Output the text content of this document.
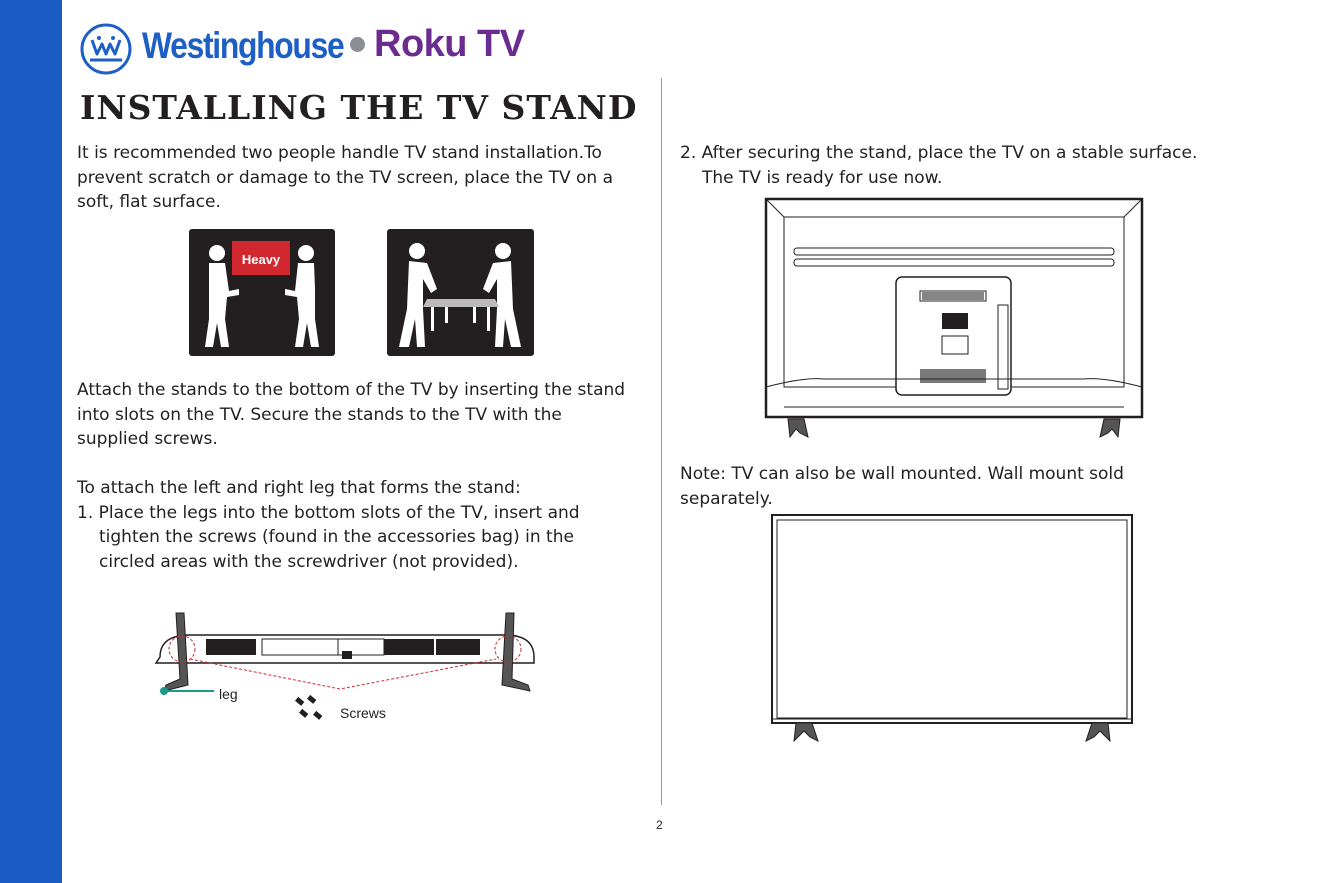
Westinghouse Roku TV
INSTALLING THE TV STAND

It is recommended two people handle TV stand installation.To prevent scratch or damage to the TV screen, place the TV on a soft, flat surface.

Heavy

Attach the stands to the bottom of the TV by inserting the stand into slots on the TV. Secure the stands to the TV with the supplied screws.

To attach the left and right leg that forms the stand:
1. Place the legs into the bottom slots of the TV, insert and
tighten the screws (found in the accessories bag) in the
circled areas with the screwdriver (not provided).

leg
Screws

2. After securing the stand, place the TV on a stable surface.
The TV is ready for use now.

Note: TV can also be wall mounted. Wall mount sold separately.

2
